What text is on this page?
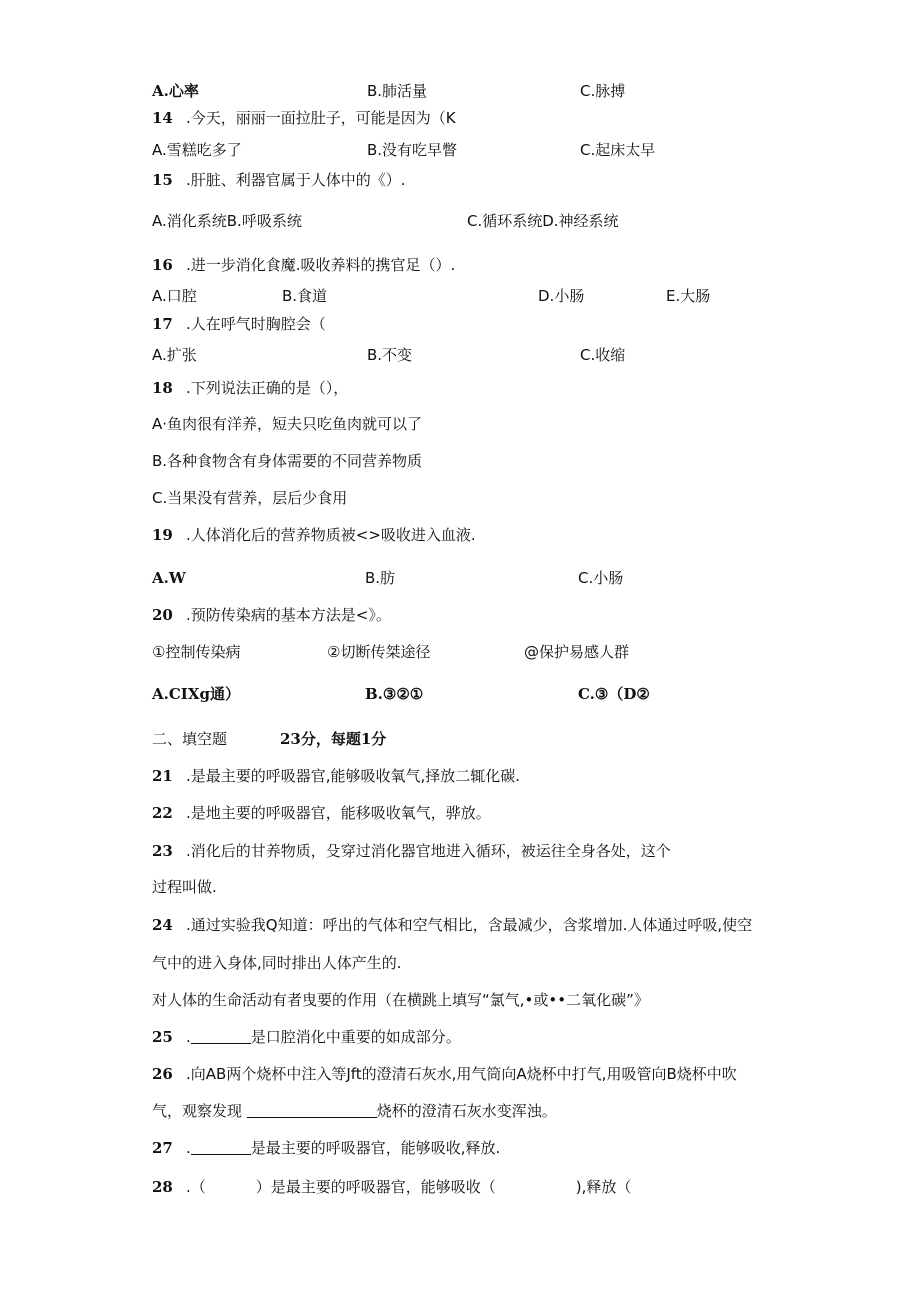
A.心率	B.肺活量	C.脉搏
14 .今天，丽丽一面拉肚子，可能是因为（K
A.雪糕吃多了	B.没有吃早瞥	C.起床太早
15 .肝脏、利器官属于人体中的《）.
A.消化系统B.呼吸系统	C.循环系统D.神经系统
16 .进一步消化食魔.吸收养料的携官足（）.
A.口腔	B.食道	D.小肠	E.大肠
17 .人在呼气时胸腔会（
A.扩张	B.不变	C.收缩
18 .下列说法正确的是（），
A·鱼肉很有洋养，短夫只吃鱼肉就可以了
B.各种食物含有身体需要的不同营养物质
C.当果没有营养，层后少食用
19 .人体消化后的营养物质被<>吸收进入血液.
A.W	B.肪	C.小肠
20 .预防传染病的基本方法是<》。
①控制传染病	②切断传桀途径	@保护易感人群
A.CIXg通）	B.③②①	C.③（D②
二、填空题	23分，每题1分
21 .是最主要的呼吸器官,能够吸收氧气,择放二辄化碳.
22 .是地主要的呼吸器官，能移吸收氧气，骅放。
23 .消化后的甘养物质，殳穿过消化器官地进入循环，被运往全身各处，这个
过程叫做.
24 .通过实验我Q知道：呼出的气体和空气相比，含最减少，含浆增加.人体通过呼吸,使空
气中的进入身体,同时排出人体产生的.
对人体的生命活动有者曳要的作用（在横跳上填写“氯气,•或••二氧化碳”》
25 .	是口腔消化中重要的如成部分。
26 .向AB两个烧杯中注入等Jft的澄清石灰水,用气筒向A烧杯中打气,用吸管向B烧杯中吹
气，观察发现	烧杯的澄清石灰水变浑浊。
27 .	是最主要的呼吸器官，能够吸收,释放.
28 .（	）是最主要的呼吸器官，能够吸收（	),释放（
